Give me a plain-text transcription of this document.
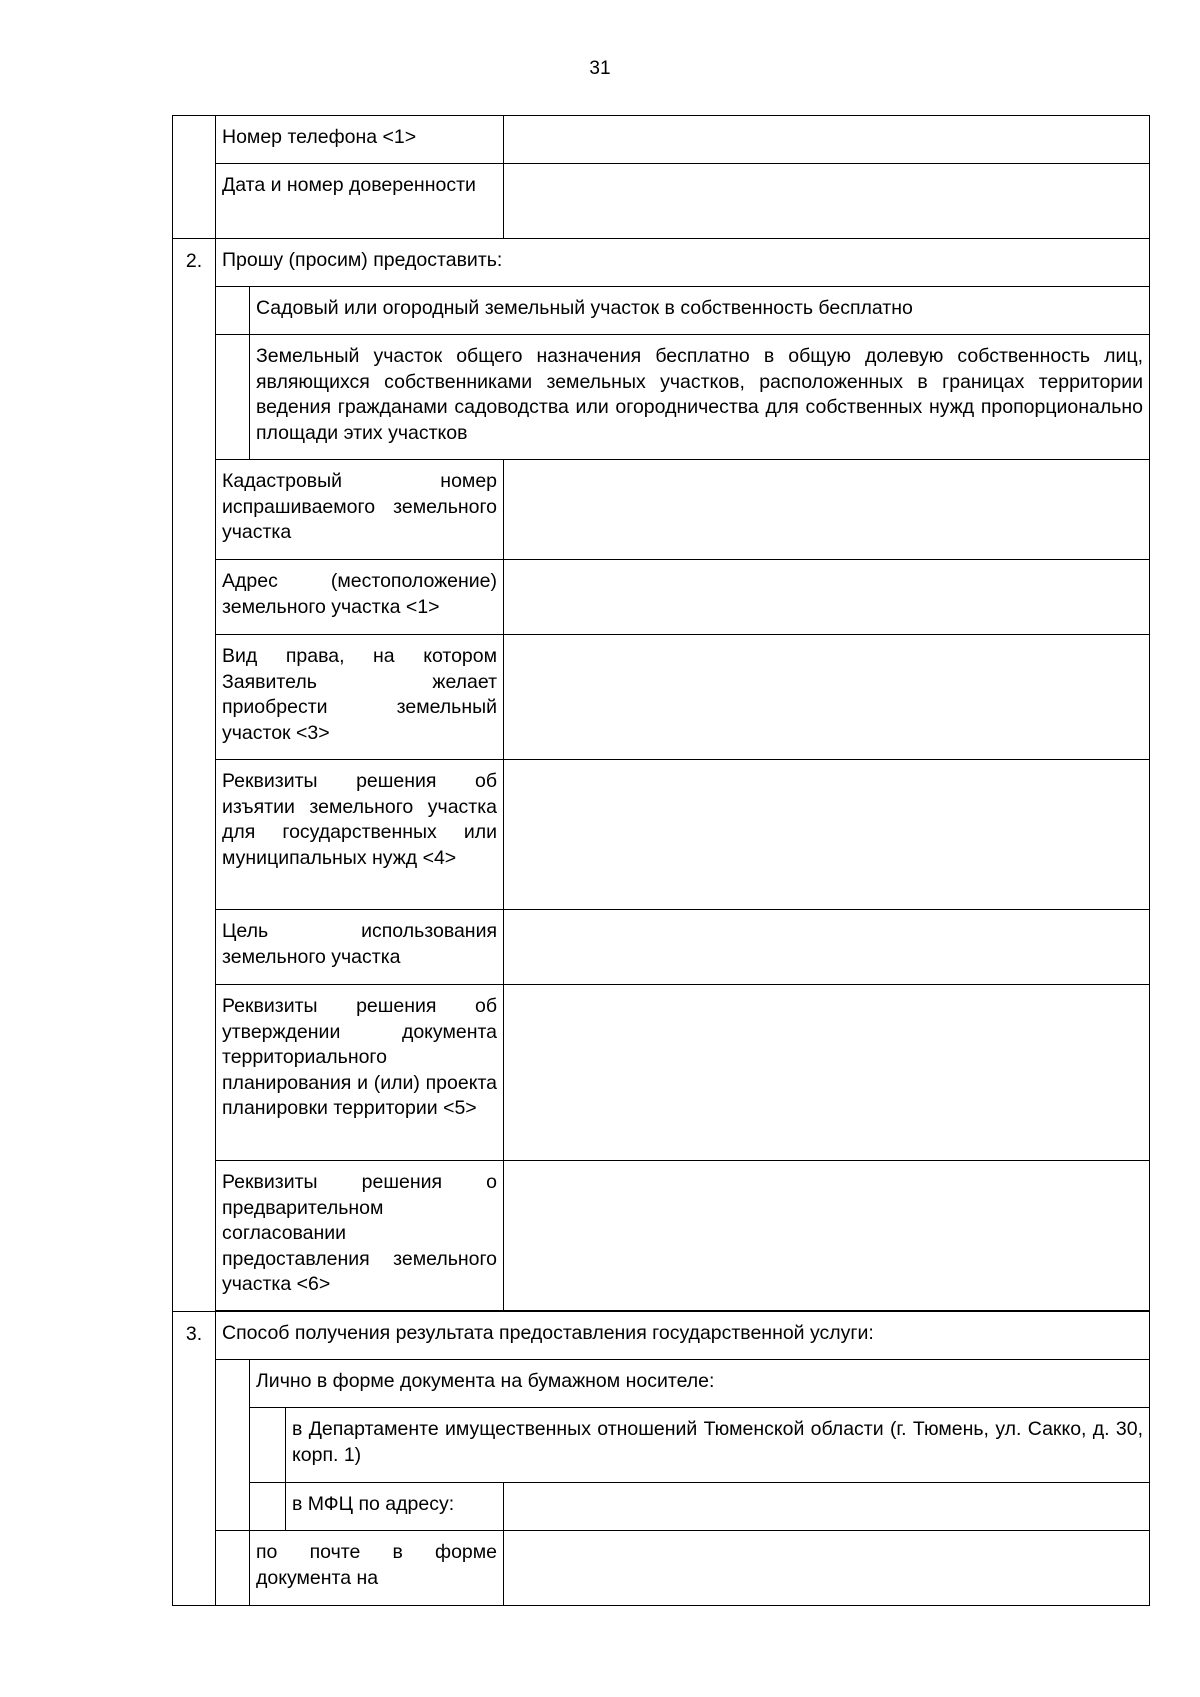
31
	Номер телефона <1>			
	Дата и номер доверенности			
2.	Прошу (просим) предоставить:			
		Садовый или огородный земельный участок в собственность бесплатно		
		Земельный участок общего назначения бесплатно в общую долевую собственность лиц, являющихся собственниками земельных участков, расположенных в границах территории ведения гражданами садоводства или огородничества для собственных нужд пропорционально площади этих участков		
	Кадастровый номер испрашиваемого земельного участка			
	Адрес (местоположение) земельного участка <1>			
	Вид права, на котором Заявитель желает приобрести земельный участок <3>			
	Реквизиты решения об изъятии земельного участка для государственных или муниципальных нужд <4>			
	Цель использования земельного участка			
	Реквизиты решения об утверждении документа территориального планирования и (или) проекта планировки территории <5>			
	Реквизиты решения о предварительном согласовании предоставления земельного участка <6>			

3.	Способ получения результата предоставления государственной услуги:			
		Лично в форме документа на бумажном носителе:		
			в Департаменте имущественных отношений Тюменской области (г. Тюмень, ул. Сакко, д. 30, корп. 1)	
			в МФЦ по адресу:	
		по почте в форме документа на		
